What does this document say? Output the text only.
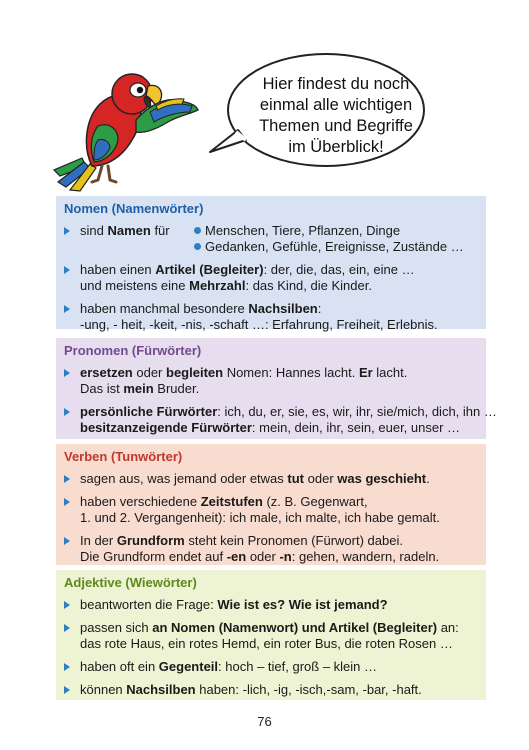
Hier findest du noch
einmal alle wichtigen
Themen und Begriffe
im Überblick!
Nomen (Namenwörter)
sind Namen für	Menschen, Tiere, Pflanzen, Dinge
Gedanken, Gefühle, Ereignisse, Zustände …
haben einen Artikel (Begleiter): der, die, das, ein, eine …
und meistens eine Mehrzahl: das Kind, die Kinder.
haben manchmal besondere Nachsilben:
-ung, - heit, -keit, -nis, -schaft …: Erfahrung, Freiheit, Erlebnis.
Pronomen (Fürwörter)
ersetzen oder begleiten Nomen: Hannes lacht. Er lacht.
Das ist mein Bruder.
persönliche Fürwörter: ich, du, er, sie, es, wir, ihr, sie/mich, dich, ihn …
besitzanzeigende Fürwörter: mein, dein, ihr, sein, euer, unser …
Verben (Tunwörter)
sagen aus, was jemand oder etwas tut oder was geschieht.
haben verschiedene Zeitstufen (z. B. Gegenwart,
1. und 2. Vergangenheit): ich male, ich malte, ich habe gemalt.
In der Grundform steht kein Pronomen (Fürwort) dabei.
Die Grundform endet auf -en oder -n: gehen, wandern, radeln.
Adjektive (Wiewörter)
beantworten die Frage: Wie ist es? Wie ist jemand?
passen sich an Nomen (Namenwort) und Artikel (Begleiter) an:
das rote Haus, ein rotes Hemd, ein roter Bus, die roten Rosen …
haben oft ein Gegenteil: hoch – tief, groß – klein …
können Nachsilben haben: -lich, -ig, -isch,-sam, -bar, -haft.
76
